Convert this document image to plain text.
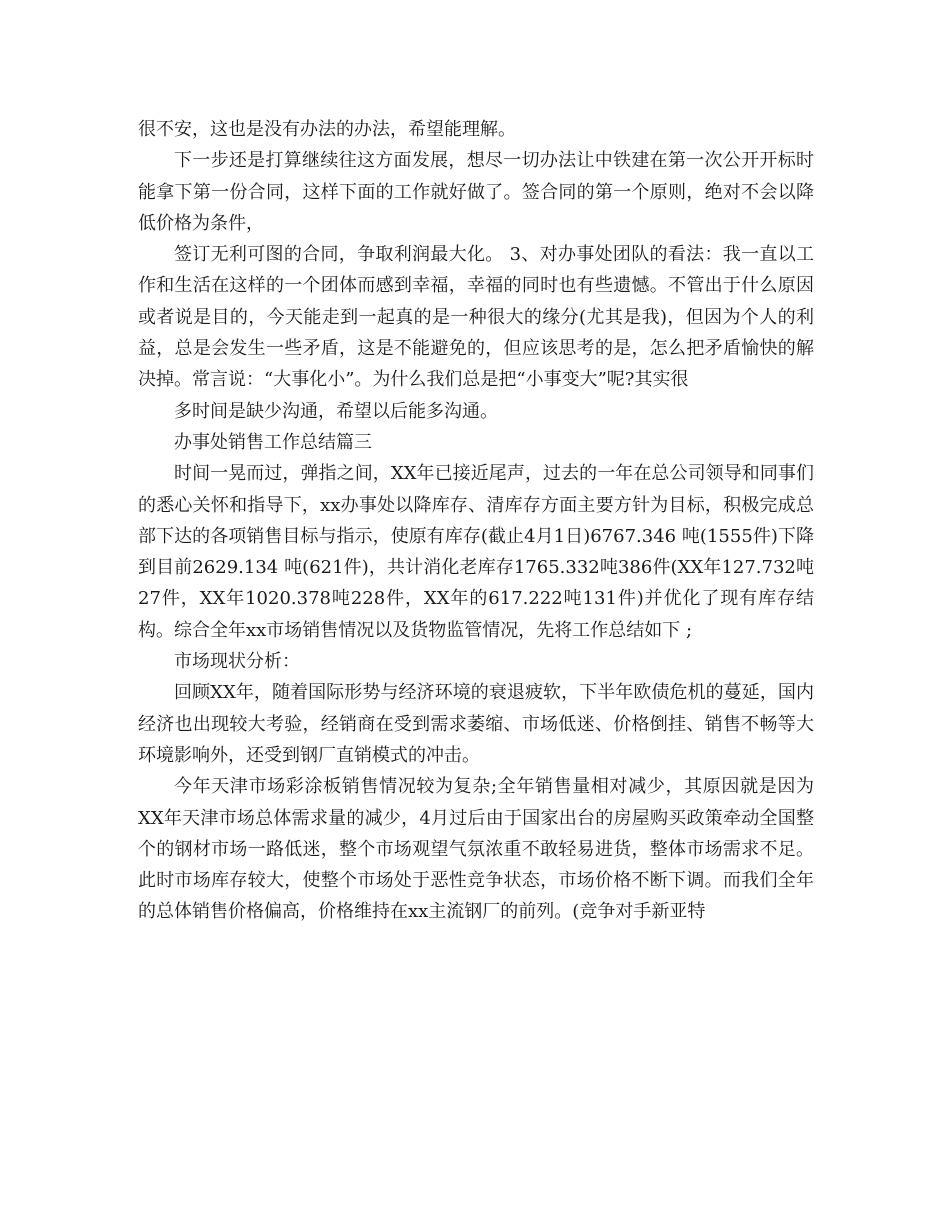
很不安，这也是没有办法的办法，希望能理解。

下一步还是打算继续往这方面发展，想尽一切办法让中铁建在第一次公开开标时能拿下第一份合同，这样下面的工作就好做了。签合同的第一个原则，绝对不会以降低价格为条件，

签订无利可图的合同，争取利润最大化。 3、对办事处团队的看法：我一直以工作和生活在这样的一个团体而感到幸福，幸福的同时也有些遗憾。不管出于什么原因或者说是目的，今天能走到一起真的是一种很大的缘分(尤其是我)，但因为个人的利益，总是会发生一些矛盾，这是不能避免的，但应该思考的是，怎么把矛盾愉快的解决掉。常言说：“大事化小”。为什么我们总是把“小事变大”呢?其实很

多时间是缺少沟通，希望以后能多沟通。

办事处销售工作总结篇三

时间一晃而过，弹指之间，XX年已接近尾声，过去的一年在总公司领导和同事们的悉心关怀和指导下，xx办事处以降库存、清库存方面主要方针为目标，积极完成总部下达的各项销售目标与指示，使原有库存(截止4月1日)6767.346 吨(1555件)下降到目前2629.134 吨(621件)，共计消化老库存1765.332吨386件(XX年127.732吨27件，XX年1020.378吨228件，XX年的617.222吨131件)并优化了现有库存结构。综合全年xx市场销售情况以及货物监管情况，先将工作总结如下 ;

市场现状分析：

回顾XX年，随着国际形势与经济环境的衰退疲软，下半年欧债危机的蔓延，国内经济也出现较大考验，经销商在受到需求萎缩、市场低迷、价格倒挂、销售不畅等大环境影响外，还受到钢厂直销模式的冲击。

今年天津市场彩涂板销售情况较为复杂;全年销售量相对减少，其原因就是因为XX年天津市场总体需求量的减少，4月过后由于国家出台的房屋购买政策牵动全国整个的钢材市场一路低迷，整个市场观望气氛浓重不敢轻易进货，整体市场需求不足。此时市场库存较大，使整个市场处于恶性竞争状态，市场价格不断下调。而我们全年的总体销售价格偏高，价格维持在xx主流钢厂的前列。(竞争对手新亚特
